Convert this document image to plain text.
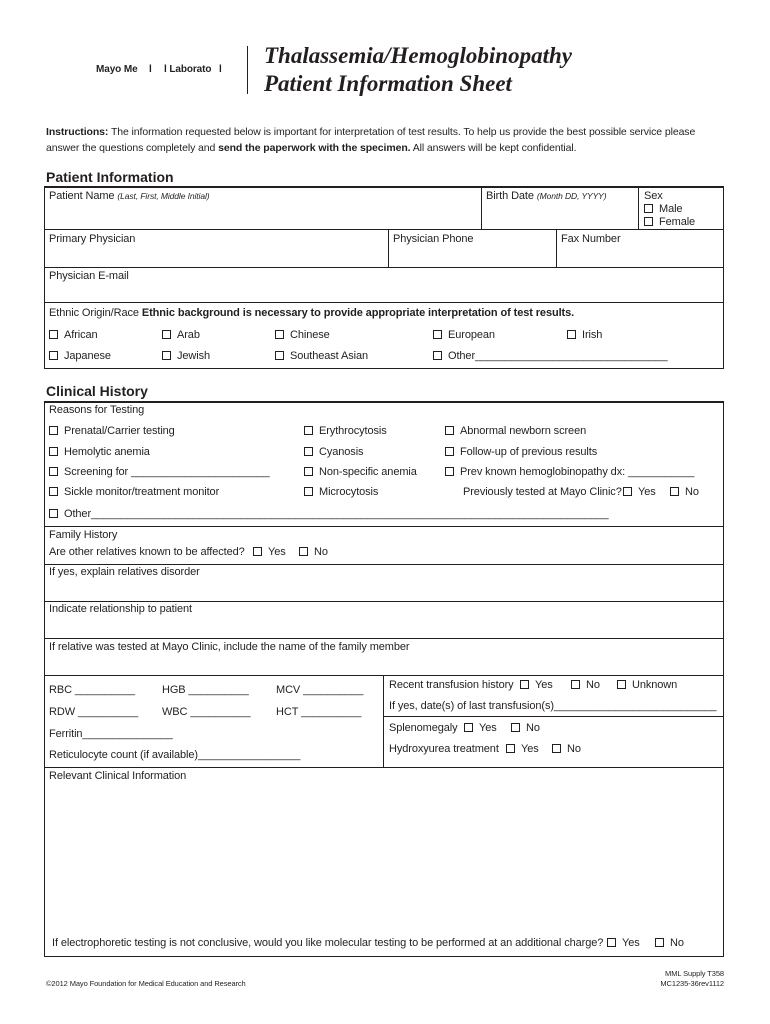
Mayo Me l l Laborato l
Thalassemia/Hemoglobinopathy
Patient Information Sheet
Instructions: The information requested below is important for interpretation of test results. To help us provide the best possible service please
answer the questions completely and send the paperwork with the specimen. All answers will be kept confidential.
Patient Information
Patient Name (Last, First, Middle Initial)	Birth Date (Month DD, YYYY)	Sex
Male
Female
Primary Physician	Physician Phone	Fax Number
Physician E-mail
Ethnic Origin/Race Ethnic background is necessary to provide appropriate interpretation of test results.
African	Arab	Chinese	European	Irish
Japanese	Jewish	Southeast Asian	Other________________________________
Clinical History
Reasons for Testing
Prenatal/Carrier testing	Erythrocytosis	Abnormal newborn screen
Hemolytic anemia	Cyanosis	Follow-up of previous results
Screening for _______________________	Non-specific anemia	Prev known hemoglobinopathy dx: ___________
Sickle monitor/treatment monitor	Microcytosis	Previously tested at Mayo Clinic?	Yes	No
Other______________________________________________________________________________________
Family History
Are other relatives known to be affected?	Yes	No
If yes, explain relatives disorder
Indicate relationship to patient
If relative was tested at Mayo Clinic, include the name of the family member
RBC __________ HGB __________ MCV __________
RDW __________ WBC __________ HCT __________
Ferritin_______________
Reticulocyte count (if available)_________________
Recent transfusion history	Yes	No	Unknown
If yes, date(s) of last transfusion(s)___________________________
Splenomegaly	Yes	No
Hydroxyurea treatment	Yes	No
Relevant Clinical Information
If electrophoretic testing is not conclusive, would you like molecular testing to be performed at an additional charge?	Yes	No
©2012 Mayo Foundation for Medical Education and Research
MML Supply T358
MC1235-36rev1112
